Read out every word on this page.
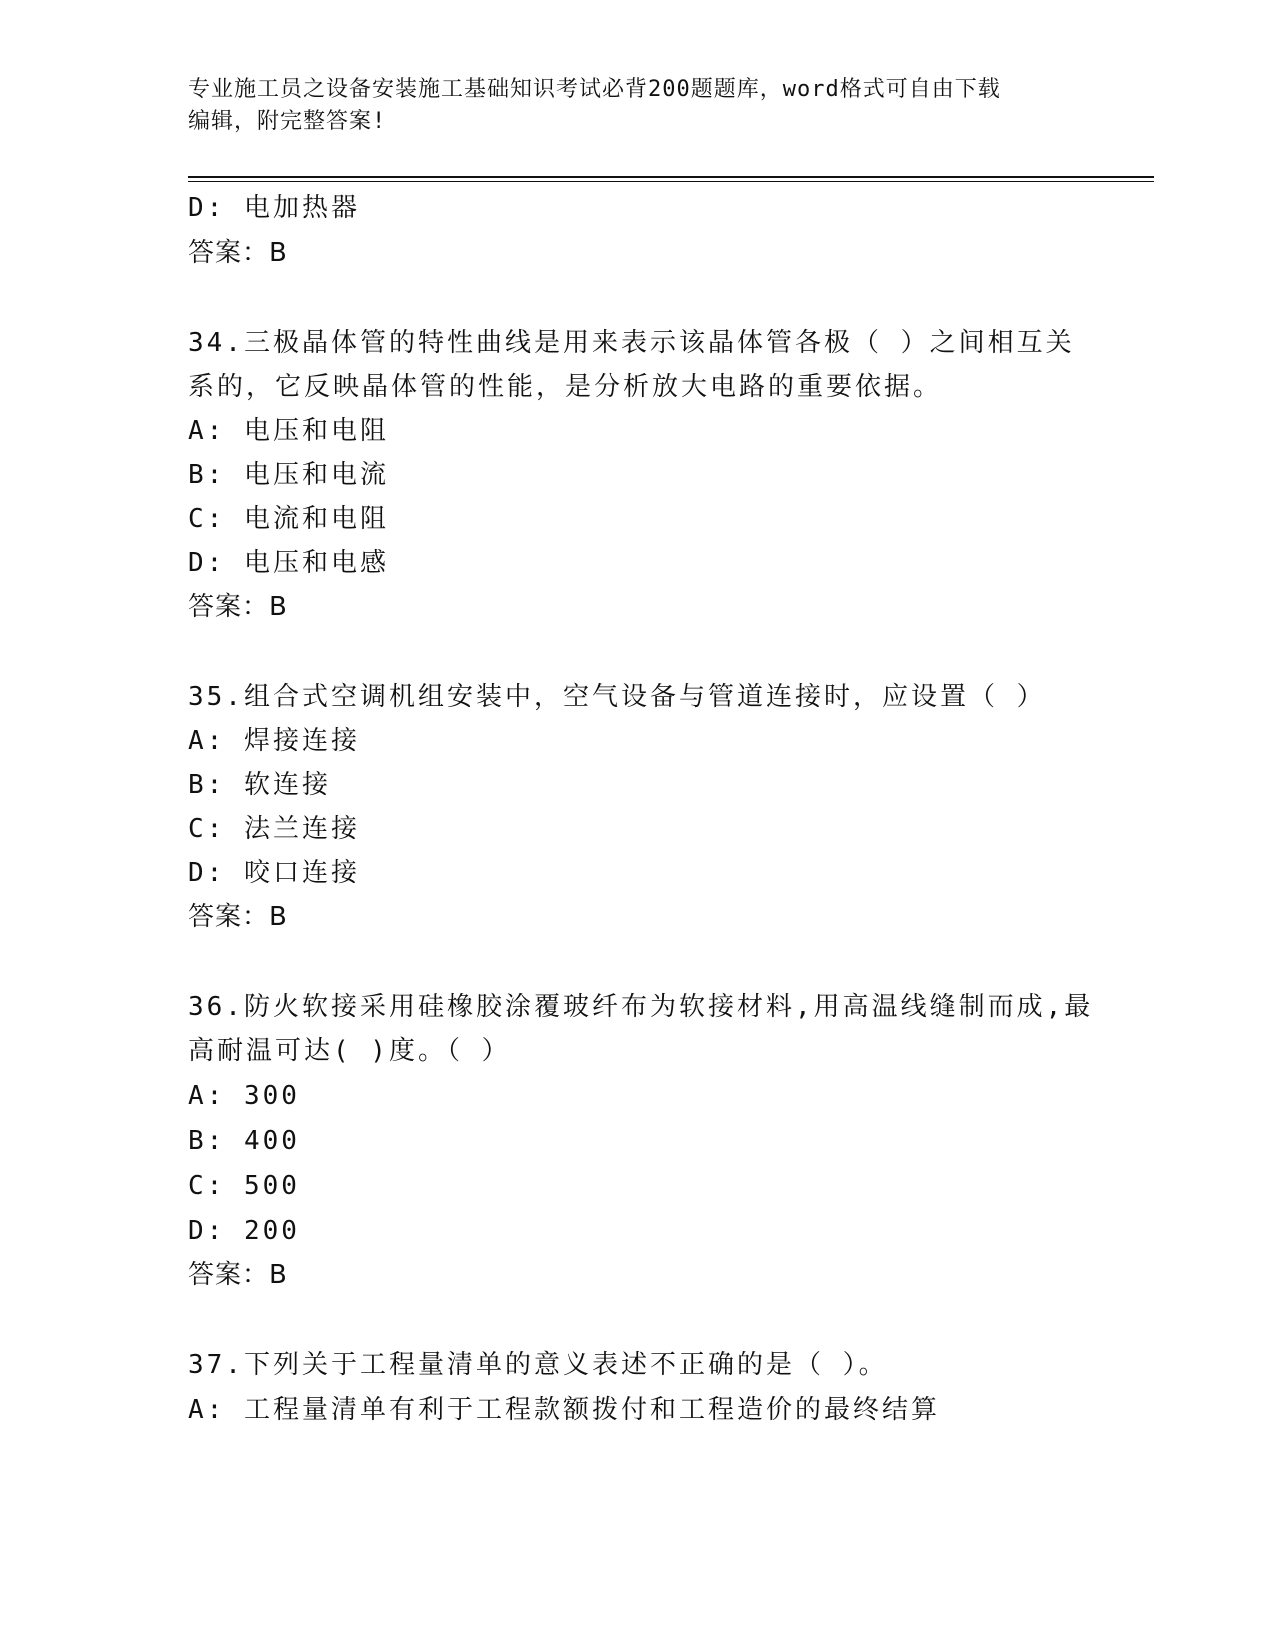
专业施工员之设备安装施工基础知识考试必背200题题库，word格式可自由下载
编辑，附完整答案!
D: 电加热器
答案：B
34.三极晶体管的特性曲线是用来表示该晶体管各极（ ）之间相互关
系的，它反映晶体管的性能，是分析放大电路的重要依据。
A: 电压和电阻
B: 电压和电流
C: 电流和电阻
D: 电压和电感
答案：B
35.组合式空调机组安装中，空气设备与管道连接时，应设置（ ）
A: 焊接连接
B: 软连接
C: 法兰连接
D: 咬口连接
答案：B
36.防火软接采用硅橡胶涂覆玻纤布为软接材料,用高温线缝制而成,最
高耐温可达( )度。（ ）
A: 300
B: 400
C: 500
D: 200
答案：B
37.下列关于工程量清单的意义表述不正确的是（ ）。
A: 工程量清单有利于工程款额拨付和工程造价的最终结算
